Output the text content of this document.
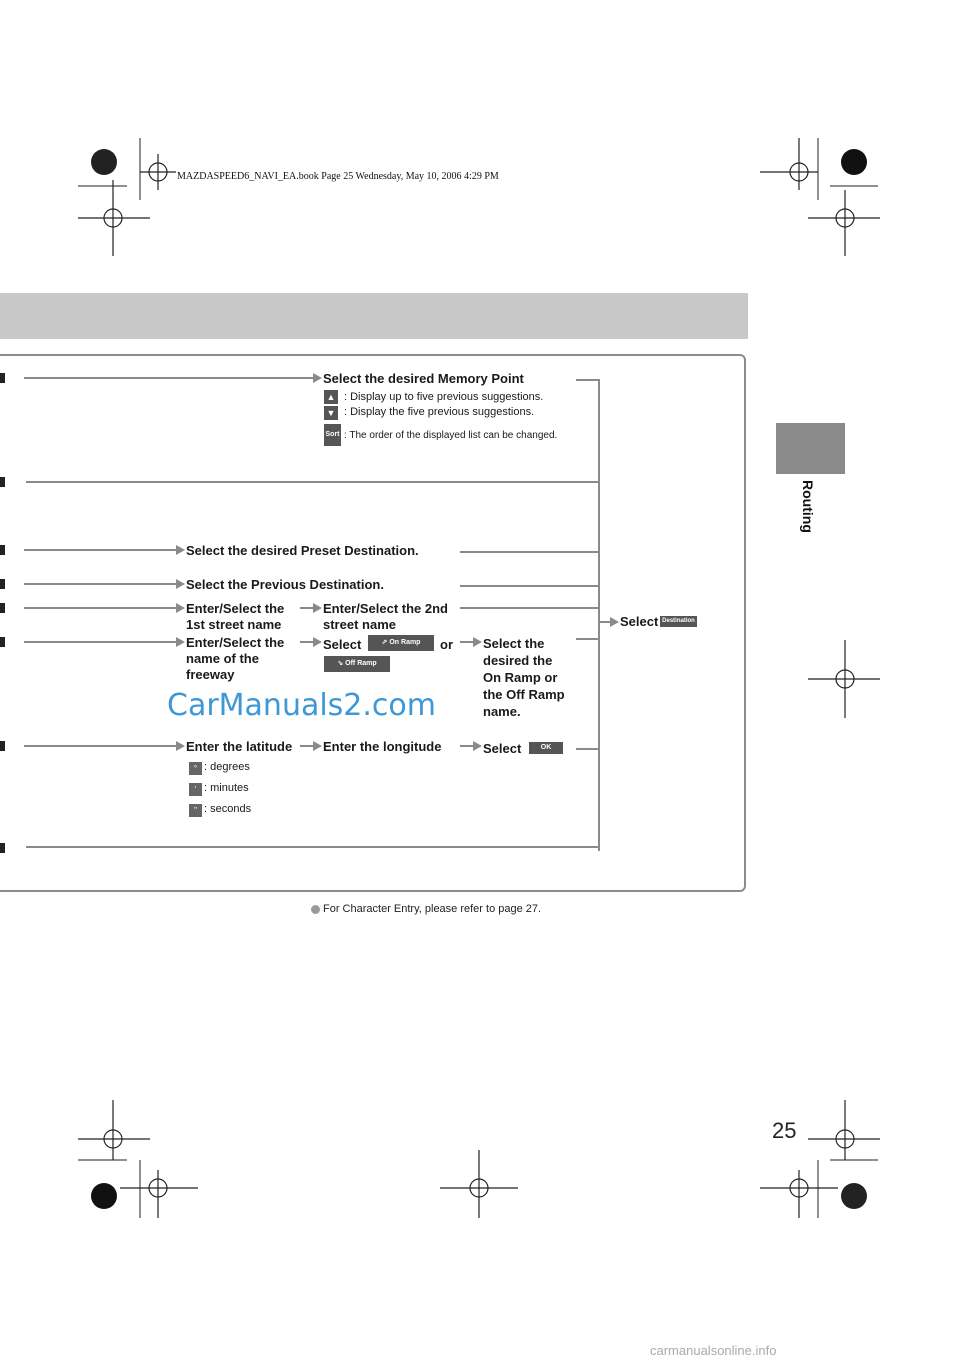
MAZDASPEED6_NAVI_EA.book Page 25 Wednesday, May 10, 2006 4:29 PM
Routing
Select the desired Memory Point
▲ : Display up to five previous suggestions.
▼ : Display the five previous suggestions.
Sort : The order of the displayed list can be changed.
Select the desired Preset Destination.
Select the Previous Destination.
Enter/Select the
1st street name
Enter/Select the 2nd
street name
Enter/Select the
name of the
freeway
Select	⇗ On Ramp	or
⇘ Off Ramp
Select the
desired the
On Ramp or
the Off Ramp
name.
CarManuals2.com
Enter the latitude Enter the longitude	Select	OK
° : degrees
' : minutes
" : seconds
Select Destination
For Character Entry, please refer to page 27.
25
carmanualsonline.info
